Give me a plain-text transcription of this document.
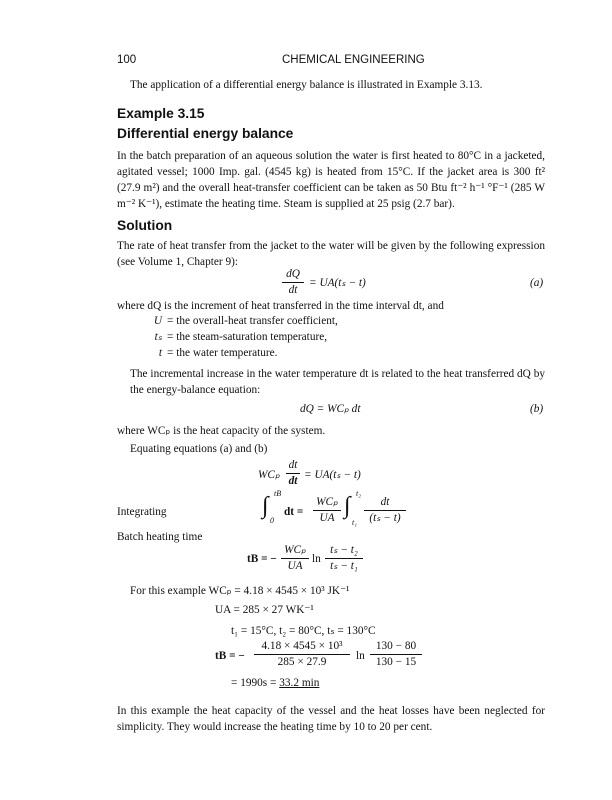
100	CHEMICAL ENGINEERING
The application of a differential energy balance is illustrated in Example 3.13.
Example 3.15
Differential energy balance
In the batch preparation of an aqueous solution the water is first heated to 80°C in a jacketed, agitated vessel; 1000 Imp. gal. (4545 kg) is heated from 15°C. If the jacket area is 300 ft² (27.9 m²) and the overall heat-transfer coefficient can be taken as 50 Btu ft⁻² h⁻¹ °F⁻¹ (285 W m⁻² K⁻¹), estimate the heating time. Steam is supplied at 25 psig (2.7 bar).
Solution
The rate of heat transfer from the jacket to the water will be given by the following expression (see Volume 1, Chapter 9):
dQ
dt
= UA(tₛ − t)	(a)
where dQ is the increment of heat transferred in the time interval dt, and
U = the overall-heat transfer coefficient,
tₛ = the steam-saturation temperature,
t = the water temperature.
The incremental increase in the water temperature dt is related to the heat transferred dQ by the energy-balance equation:
dQ = WCₚ dt	(b)
where WCₚ is the heat capacity of the system.
Equating equations (a) and (b)
WCₚ
dt
dt = UA(tₛ − t)
Integrating	∫ tB
0
dt =
WCₚ
UA ∫ t₂
t₁
dt
(tₛ − t)
Batch heating time
tB = −
WCₚ
UA
ln
tₛ − t₂
tₛ − t₁
For this example WCₚ = 4.18 × 4545 × 10³ JK⁻¹
UA = 285 × 27 WK⁻¹
t₁ = 15°C, t₂ = 80°C, tₛ = 130°C
tB = −
4.18 × 4545 × 10³
285 × 27.9	ln
130 − 80
130 − 15
= 1990s = 33.2 min
In this example the heat capacity of the vessel and the heat losses have been neglected for simplicity. They would increase the heating time by 10 to 20 per cent.
